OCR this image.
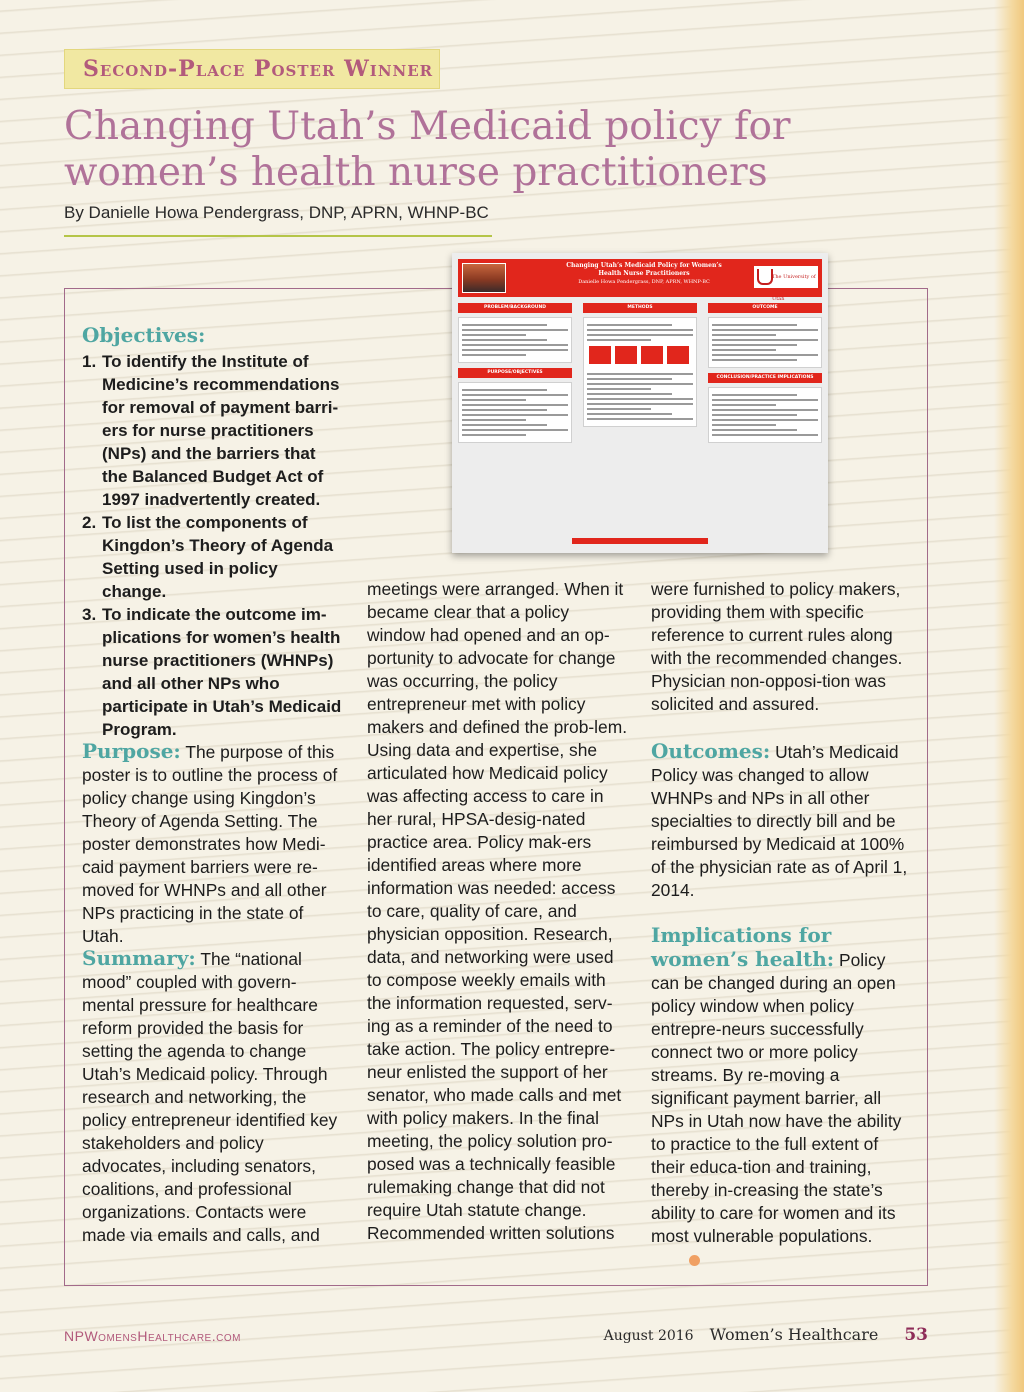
Second-Place Poster Winner
Changing Utah’s Medicaid policy for women’s health nurse practitioners

By Danielle Howa Pendergrass, DNP, APRN, WHNP-BC

Changing Utah’s Medicaid Policy for Women’s Health Nurse Practitioners
Danielle Howa Pendergrass, DNP, APRN, WHNP-BC
The University of Utah
PROBLEM/BACKGROUND
PURPOSE/OBJECTIVES
METHODS	OUTCOME
CONCLUSION/PRACTICE IMPLICATIONS

Objectives:

1. To identify the Institute of Medicine’s recommendations for removal of payment barri-ers for nurse practitioners (NPs) and the barriers that the Balanced Budget Act of 1997 inadvertently created.
2. To list the components of Kingdon’s Theory of Agenda Setting used in policy change.
3. To indicate the outcome im-plications for women’s health nurse practitioners (WHNPs) and all other NPs who participate in Utah’s Medicaid Program.

Purpose: The purpose of this poster is to outline the process of policy change using Kingdon’s Theory of Agenda Setting. The poster demonstrates how Medi-caid payment barriers were re-moved for WHNPs and all other NPs practicing in the state of Utah.

Summary: The “national mood” coupled with govern-mental pressure for healthcare reform provided the basis for setting the agenda to change Utah’s Medicaid policy. Through research and networking, the policy entrepreneur identified key stakeholders and policy advocates, including senators, coalitions, and professional organizations. Contacts were made via emails and calls, and

meetings were arranged. When it became clear that a policy window had opened and an op-portunity to advocate for change was occurring, the policy entrepreneur met with policy makers and defined the prob-lem. Using data and expertise, she articulated how Medicaid policy was affecting access to care in her rural, HPSA-desig-nated practice area. Policy mak-ers identified areas where more information was needed: access to care, quality of care, and physician opposition. Research, data, and networking were used to compose weekly emails with the information requested, serv-ing as a reminder of the need to take action. The policy entrepre-neur enlisted the support of her senator, who made calls and met with policy makers. In the final meeting, the policy solution pro-posed was a technically feasible rulemaking change that did not require Utah statute change. Recommended written solutions

were furnished to policy makers, providing them with specific reference to current rules along with the recommended changes. Physician non-opposi-tion was solicited and assured.

Outcomes: Utah’s Medicaid Policy was changed to allow WHNPs and NPs in all other specialties to directly bill and be reimbursed by Medicaid at 100% of the physician rate as of April 1, 2014.

Implications for women’s health: Policy can be changed during an open policy window when policy entrepre-neurs successfully connect two or more policy streams. By re-moving a significant payment barrier, all NPs in Utah now have the ability to practice to the full extent of their educa-tion and training, thereby in-creasing the state’s ability to care for women and its most vulnerable populations.

NPWomensHealthcare.com	August 2016 Women’s Healthcare 53
